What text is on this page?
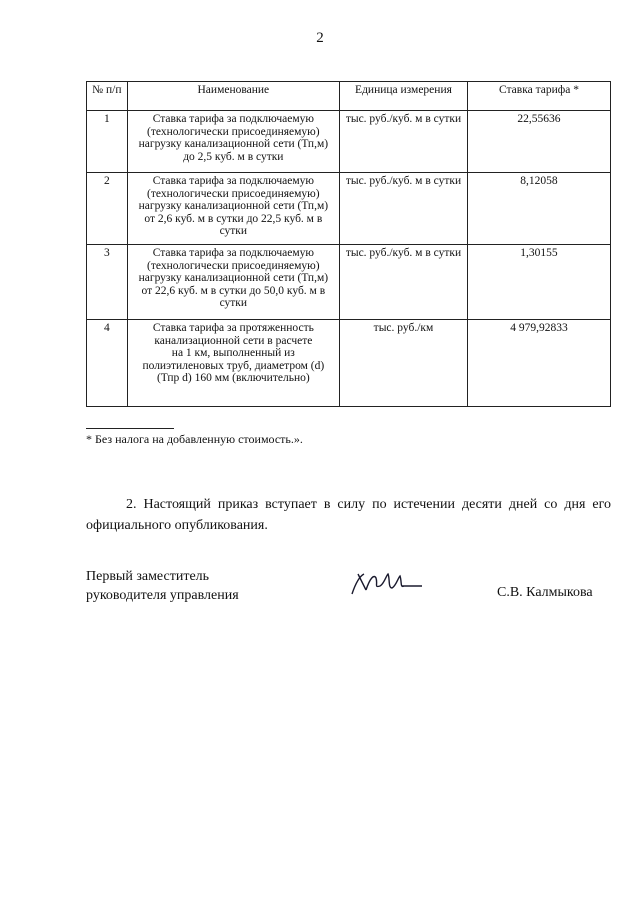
2
№ п/п	Наименование	Единица измерения	Ставка тарифа *
1	Ставка тарифа за подключаемую
(технологически присоединяемую)
нагрузку канализационной сети (Тп,м)
до 2,5 куб. м в сутки	тыс. руб./куб. м в сутки	22,55636
2	Ставка тарифа за подключаемую
(технологически присоединяемую)
нагрузку канализационной сети (Тп,м)
от 2,6 куб. м в сутки до 22,5 куб. м в
сутки	тыс. руб./куб. м в сутки	8,12058
3	Ставка тарифа за подключаемую
(технологически присоединяемую)
нагрузку канализационной сети (Тп,м)
от 22,6 куб. м в сутки до 50,0 куб. м в
сутки	тыс. руб./куб. м в сутки	1,30155
4	Ставка тарифа за протяженность
канализационной сети в расчете
на 1 км, выполненный из
полиэтиленовых труб, диаметром (d)
(Тпр d) 160 мм (включительно)	тыс. руб./км	4 979,92833
* Без налога на добавленную стоимость.».
2. Настоящий приказ вступает в силу по истечении десяти дней со дня его официального опубликования.
Первый заместитель
руководителя управления	С.В. Калмыкова
